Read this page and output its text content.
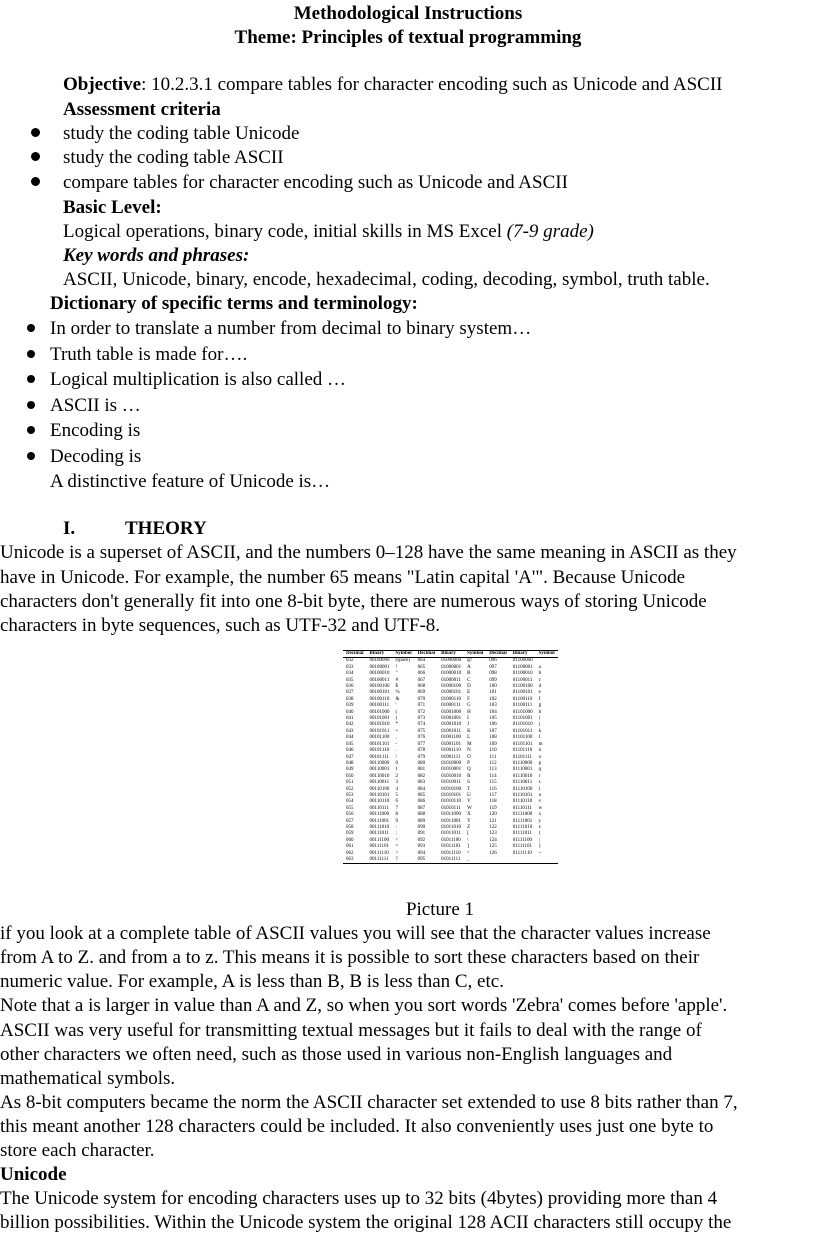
Methodological Instructions
Theme: Principles of textual programming
Objective: 10.2.3.1 compare tables for character encoding such as Unicode and ASCII
Assessment criteria
study the coding table Unicode
study the coding table ASCII
compare tables for character encoding such as Unicode and ASCII
Basic Level:
Logical operations, binary code, initial skills in MS Excel (7-9 grade)
Key words and phrases:
ASCII, Unicode, binary, encode, hexadecimal, coding, decoding, symbol, truth table.
Dictionary of specific terms and terminology:
In order to translate a number from decimal to binary system…
Truth table is made for….
Logical multiplication is also called …
ASCII is …
Encoding is
Decoding is
A distinctive feature of Unicode is…
I.	THEORY
Unicode is a superset of ASCII, and the numbers 0–128 have the same meaning in ASCII as they
have in Unicode. For example, the number 65 means "Latin capital 'A'". Because Unicode
characters don't generally fit into one 8-bit byte, there are numerous ways of storing Unicode
characters in byte sequences, such as UTF-32 and UTF-8.
Decimal	Binary	Symbol	Decimal	Binary	Symbol	Decimal	Binary	Symbol
032	00100000	(space)	064	01000000	@	096	01100000	`
033	00100001	!	065	01000001	A	097	01100001	a
034	00100010	"	066	01000010	B	098	01100010	b
035	00100011	#	067	01000011	C	099	01100011	c
036	00100100	$	068	01000100	D	100	01100100	d
037	00100101	%	069	01000101	E	101	01100101	e
038	00100110	&	070	01000110	F	102	01100110	f
039	00100111	'	071	01000111	G	103	01100111	g
040	00101000	(	072	01001000	H	104	01101000	h
041	00101001	)	073	01001001	I	105	01101001	i
042	00101010	*	074	01001010	J	106	01101010	j
043	00101011	+	075	01001011	K	107	01101011	k
044	00101100	,	076	01001100	L	108	01101100	l
045	00101101	-	077	01001101	M	109	01101101	m
046	00101110	.	078	01001110	N	110	01101110	n
047	00101111	/	079	01001111	O	111	01101111	o
048	00110000	0	080	01010000	P	112	01110000	p
049	00110001	1	081	01010001	Q	113	01110001	q
050	00110010	2	082	01010010	R	114	01110010	r
051	00110011	3	083	01010011	S	115	01110011	s
052	00110100	4	084	01010100	T	116	01110100	t
053	00110101	5	085	01010101	U	117	01110101	u
054	00110110	6	086	01010110	V	118	01110110	v
055	00110111	7	087	01010111	W	119	01110111	w
056	00111000	8	088	01011000	X	120	01111000	x
057	00111001	9	089	01011001	Y	121	01111001	y
058	00111010	:	090	01011010	Z	122	01111010	z
059	00111011	;	091	01011011	[	123	01111011	{
060	00111100	<	092	01011100	\	124	01111100	|
061	00111101	=	093	01011101	]	125	01111101	}
062	00111110	>	094	01011110	^	126	01111110	~
063	00111111	?	095	01011111	_			
Picture 1
if you look at a complete table of ASCII values you will see that the character values increase
from A to Z. and from a to z. This means it is possible to sort these characters based on their
numeric value. For example, A is less than B, B is less than C, etc.
Note that a is larger in value than A and Z, so when you sort words 'Zebra' comes before 'apple'.
ASCII was very useful for transmitting textual messages but it fails to deal with the range of
other characters we often need, such as those used in various non-English languages and
mathematical symbols.
As 8-bit computers became the norm the ASCII character set extended to use 8 bits rather than 7,
this meant another 128 characters could be included. It also conveniently uses just one byte to
store each character.
Unicode
The Unicode system for encoding characters uses up to 32 bits (4bytes) providing more than 4
billion possibilities. Within the Unicode system the original 128 ACII characters still occupy the
